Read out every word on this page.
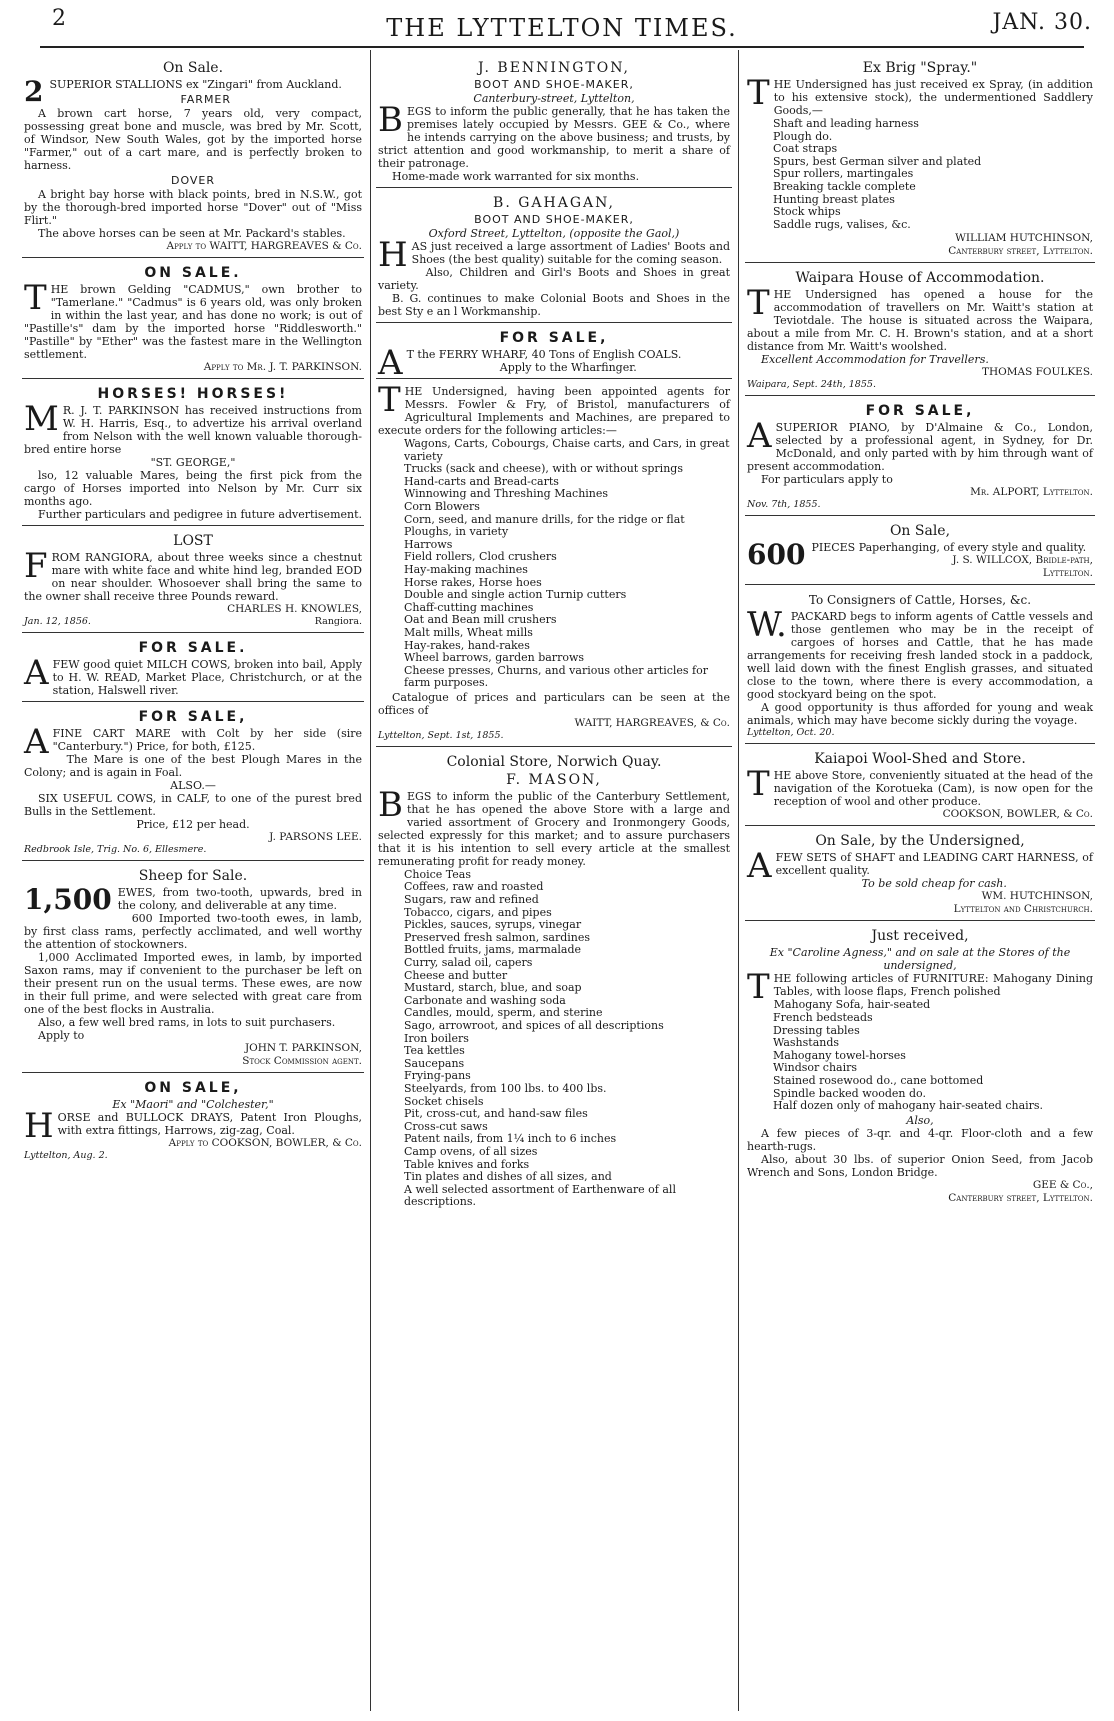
THE LYTTELTON TIMES.
2	JAN. 30.
On Sale.

2 SUPERIOR STALLIONS ex "Zingari" from Auckland.

FARMER

A brown cart horse, 7 years old, very compact, possessing great bone and muscle, was bred by Mr. Scott, of Windsor, New South Wales, got by the imported horse "Farmer," out of a cart mare, and is perfectly broken to harness.

DOVER

A bright bay horse with black points, bred in N.S.W., got by the thorough-bred imported horse "Dover" out of "Miss Flirt."

The above horses can be seen at Mr. Packard's stables.

Apply to WAITT, HARGREAVES & Co.
ON SALE.

THE brown Gelding "CADMUS," own brother to "Tamerlane." "Cadmus" is 6 years old, was only broken in within the last year, and has done no work; is out of "Pastille's" dam by the imported horse "Riddlesworth." "Pastille" by "Ether" was the fastest mare in the Wellington settlement.

Apply to Mr. J. T. PARKINSON.
HORSES! HORSES!

M R. J. T. PARKINSON has received instructions from W. H. Harris, Esq., to advertize his arrival overland from Nelson with the well known valuable thorough-bred entire horse

"ST. GEORGE,"

lso, 12 valuable Mares, being the first pick from the cargo of Horses imported into Nelson by Mr. Curr six months ago.

Further particulars and pedigree in future advertisement.

LOST

FROM RANGIORA, about three weeks since a chestnut mare with white face and white hind leg, branded EOD on near shoulder. Whosoever shall bring the same to the owner shall receive three Pounds reward.

CHARLES H. KNOWLES,
Jan. 12, 1856.	Rangiora.
FOR SALE.

AFEW good quiet MILCH COWS, broken into bail, Apply to H. W. READ, Market Place, Christchurch, or at the station, Halswell river.

FOR SALE,

AFINE CART MARE with Colt by her side (sire "Canterbury.") Price, for both, £125.

The Mare is one of the best Plough Mares in the Colony; and is again in Foal.

ALSO.—

SIX USEFUL COWS, in CALF, to one of the purest bred Bulls in the Settlement.

Price, £12 per head.
J. PARSONS LEE.
Redbrook Isle, Trig. No. 6, Ellesmere.
Sheep for Sale.

1,500 EWES, from two-tooth, upwards, bred in the colony, and deliverable at any time.

600 Imported two-tooth ewes, in lamb, by first class rams, perfectly acclimated, and well worthy the attention of stockowners.

1,000 Acclimated Imported ewes, in lamb, by imported Saxon rams, may if convenient to the purchaser be left on their present run on the usual terms. These ewes, are now in their full prime, and were selected with great care from one of the best flocks in Australia.

Also, a few well bred rams, in lots to suit purchasers.

Apply to

JOHN T. PARKINSON,
Stock Commission agent.
ON SALE,
Ex "Maori" and "Colchester,"

HORSE and BULLOCK DRAYS, Patent Iron Ploughs, with extra fittings, Harrows, zig-zag, Coal.

Apply to COOKSON, BOWLER, & Co.
Lyttelton, Aug. 2.
J. BENNINGTON,
BOOT AND SHOE-MAKER,
Canterbury-street, Lyttelton,

BEGS to inform the public generally, that he has taken the premises lately occupied by Messrs. GEE & Co., where he intends carrying on the above business; and trusts, by strict attention and good workmanship, to merit a share of their patronage.

Home-made work warranted for six months.

B. GAHAGAN,
BOOT AND SHOE-MAKER,
Oxford Street, Lyttelton, (opposite the Gaol,)

HAS just received a large assortment of Ladies' Boots and Shoes (the best quality) suitable for the coming season.

Also, Children and Girl's Boots and Shoes in great variety.

B. G. continues to make Colonial Boots and Shoes in the best Sty e an l Workmanship.

FOR SALE,

A T the FERRY WHARF, 40 Tons of English COALS.

Apply to the Wharfinger.

THE Undersigned, having been appointed agents for Messrs. Fowler & Fry, of Bristol, manufacturers of Agricultural Implements and Machines, are prepared to execute orders for the following articles:—

Wagons, Carts, Cobourgs, Chaise carts, and Cars, in great variety
Trucks (sack and cheese), with or without springs
Hand-carts and Bread-carts
Winnowing and Threshing Machines
Corn Blowers
Corn, seed, and manure drills, for the ridge or flat
Ploughs, in variety
Harrows
Field rollers, Clod crushers
Hay-making machines
Horse rakes, Horse hoes
Double and single action Turnip cutters
Chaff-cutting machines
Oat and Bean mill crushers
Malt mills, Wheat mills
Hay-rakes, hand-rakes
Wheel barrows, garden barrows
Cheese presses, Churns, and various other articles for farm purposes.

Catalogue of prices and particulars can be seen at the offices of

WAITT, HARGREAVES, & Co.
Lyttelton, Sept. 1st, 1855.
Colonial Store, Norwich Quay.
F. MASON,

BEGS to inform the public of the Canterbury Settlement, that he has opened the above Store with a large and varied assortment of Grocery and Ironmongery Goods, selected expressly for this market; and to assure purchasers that it is his intention to sell every article at the smallest remunerating profit for ready money.

Choice Teas
Coffees, raw and roasted
Sugars, raw and refined
Tobacco, cigars, and pipes
Pickles, sauces, syrups, vinegar
Preserved fresh salmon, sardines
Bottled fruits, jams, marmalade
Curry, salad oil, capers
Cheese and butter
Mustard, starch, blue, and soap
Carbonate and washing soda
Candles, mould, sperm, and sterine
Sago, arrowroot, and spices of all descriptions
Iron boilers
Tea kettles
Saucepans
Frying-pans
Steelyards, from 100 lbs. to 400 lbs.
Socket chisels
Pit, cross-cut, and hand-saw files
Cross-cut saws
Patent nails, from 1¼ inch to 6 inches
Camp ovens, of all sizes
Table knives and forks
Tin plates and dishes of all sizes, and
A well selected assortment of Earthenware of all descriptions.
Ex Brig "Spray."

THE Undersigned has just received ex Spray, (in addition to his extensive stock), the undermentioned Saddlery Goods,—

Shaft and leading harness
Plough do.
Coat straps
Spurs, best German silver and plated
Spur rollers, martingales
Breaking tackle complete
Hunting breast plates
Stock whips
Saddle rugs, valises, &c.
WILLIAM HUTCHINSON,
Canterbury street, Lyttelton.
Waipara House of Accommodation.

THE Undersigned has opened a house for the accommodation of travellers on Mr. Waitt's station at Teviotdale. The house is situated across the Waipara, about a mile from Mr. C. H. Brown's station, and at a short distance from Mr. Waitt's woolshed.

Excellent Accommodation for Travellers.

THOMAS FOULKES.
Waipara, Sept. 24th, 1855.
FOR SALE,

ASUPERIOR PIANO, by D'Almaine & Co., London, selected by a professional agent, in Sydney, for Dr. McDonald, and only parted with by him through want of present accommodation.

For particulars apply to

Mr. ALPORT, Lyttelton.
Nov. 7th, 1855.
On Sale,

600 PIECES Paperhanging, of every style and quality.

J. S. WILLCOX, Bridle-path,
Lyttelton.
To Consigners of Cattle, Horses, &c.

W. PACKARD begs to inform agents of Cattle vessels and those gentlemen who may be in the receipt of cargoes of horses and Cattle, that he has made arrangements for receiving fresh landed stock in a paddock, well laid down with the finest English grasses, and situated close to the town, where there is every accommodation, a good stockyard being on the spot.

A good opportunity is thus afforded for young and weak animals, which may have become sickly during the voyage.

Lyttelton, Oct. 20.
Kaiapoi Wool-Shed and Store.

THE above Store, conveniently situated at the head of the navigation of the Korotueka (Cam), is now open for the reception of wool and other produce.

COOKSON, BOWLER, & Co.
On Sale, by the Undersigned,

AFEW SETS of SHAFT and LEADING CART HARNESS, of excellent quality.

To be sold cheap for cash.
WM. HUTCHINSON,
Lyttelton and Christchurch.
Just received,
Ex "Caroline Agness," and on sale at the Stores of the undersigned,

THE following articles of FURNITURE: Mahogany Dining Tables, with loose flaps, French polished

Mahogany Sofa, hair-seated
French bedsteads
Dressing tables
Washstands
Mahogany towel-horses
Windsor chairs
Stained rosewood do., cane bottomed
Spindle backed wooden do.
Half dozen only of mahogany hair-seated chairs.
Also,

A few pieces of 3-qr. and 4-qr. Floor-cloth and a few hearth-rugs.

Also, about 30 lbs. of superior Onion Seed, from Jacob Wrench and Sons, London Bridge.

GEE & Co.,
Canterbury street, Lyttelton.
